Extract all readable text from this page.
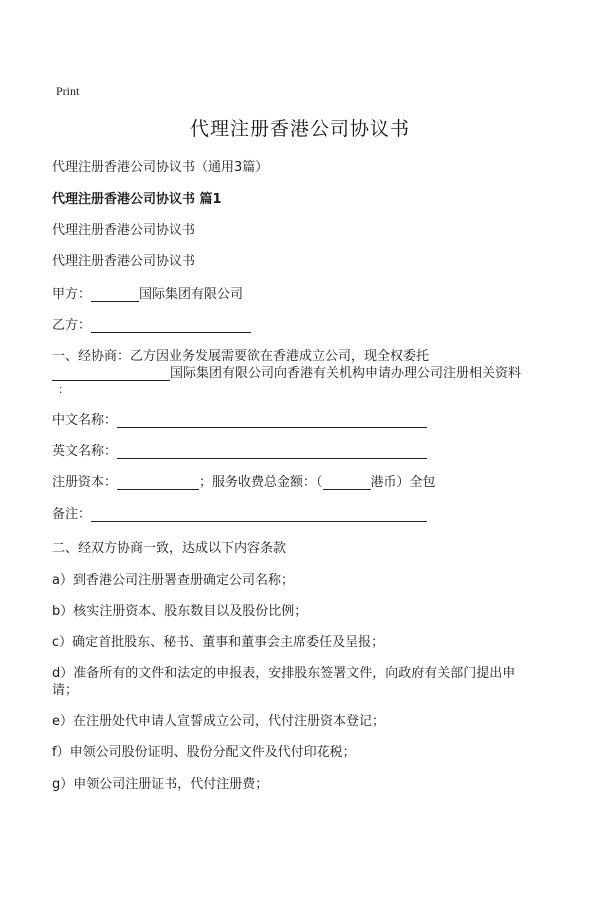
Print
代理注册香港公司协议书
代理注册香港公司协议书（通用3篇）
代理注册香港公司协议书 篇1
代理注册香港公司协议书
代理注册香港公司协议书
甲方：	国际集团有限公司
乙方：
一、经协商：乙方因业务发展需要欲在香港成立公司，现全权委托
国际集团有限公司向香港有关机构申请办理公司注册相关资料
：
中文名称：
英文名称：
注册资本：	；服务收费总金额：（	港币）全包
备注：
二、经双方协商一致，达成以下内容条款
a）到香港公司注册署查册确定公司名称；
b）核实注册资本、股东数目以及股份比例；
c）确定首批股东、秘书、董事和董事会主席委任及呈报；
d）准备所有的文件和法定的申报表，安排股东签署文件，向政府有关部门提出申
请；
e）在注册处代申请人宣誓成立公司，代付注册资本登记；
f）申领公司股份证明、股份分配文件及代付印花税；
g）申领公司注册证书，代付注册费；
